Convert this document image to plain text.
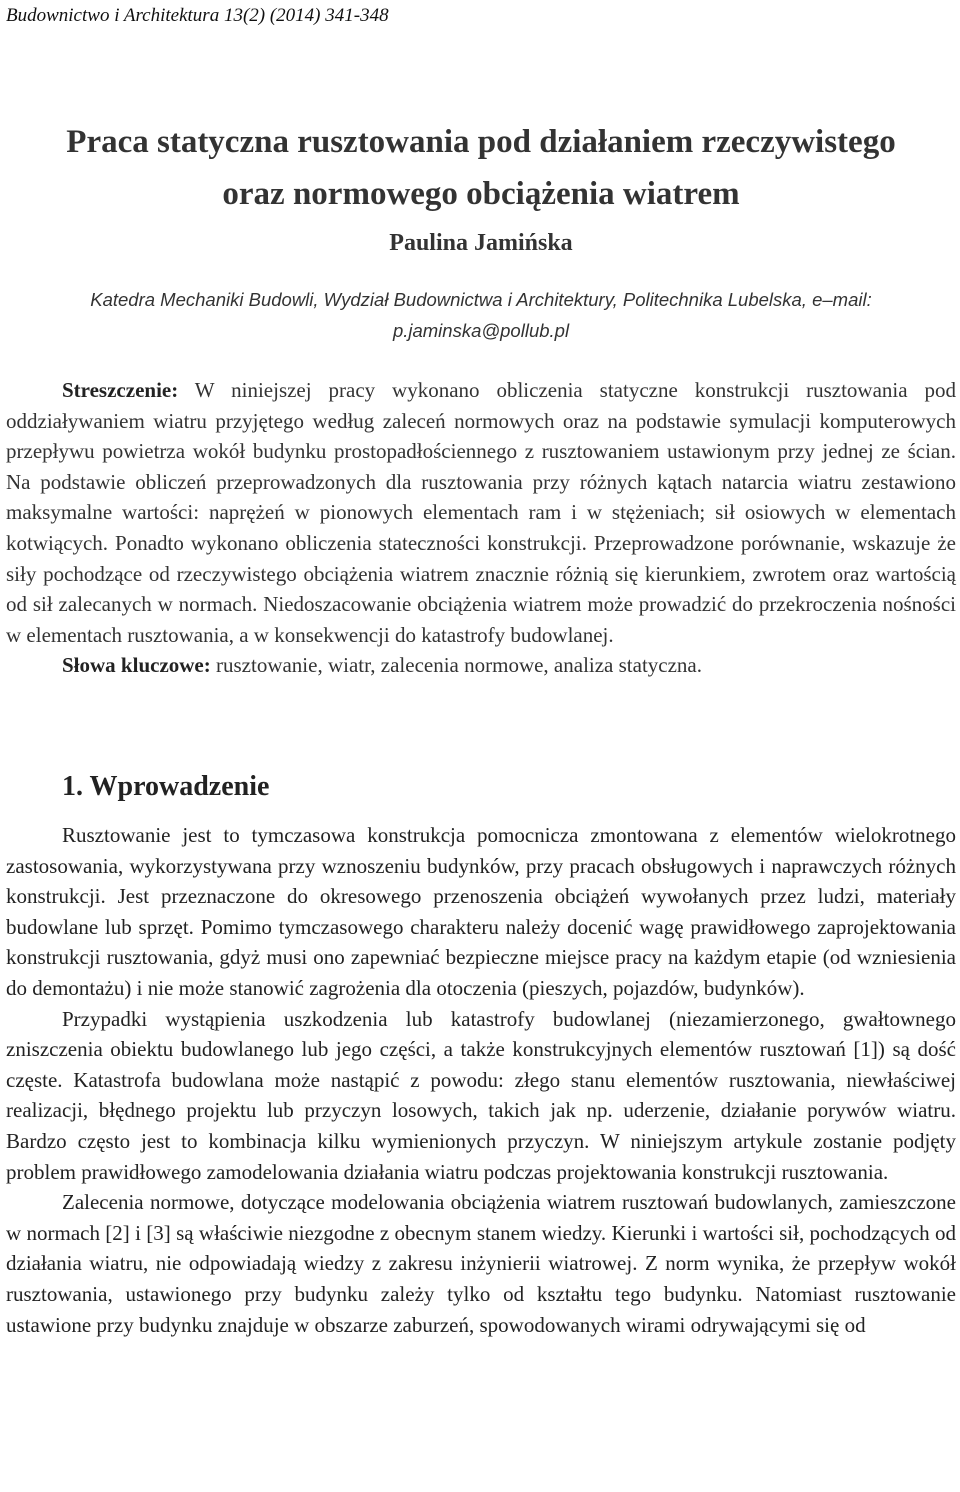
Budownictwo i Architektura 13(2) (2014) 341-348
Praca statyczna rusztowania pod działaniem rzeczywistego
oraz normowego obciążenia wiatrem
Paulina Jamińska
Katedra Mechaniki Budowli, Wydział Budownictwa i Architektury, Politechnika Lubelska, e–mail:
p.jaminska@pollub.pl

Streszczenie: W niniejszej pracy wykonano obliczenia statyczne konstrukcji rusztowania pod oddziaływaniem wiatru przyjętego według zaleceń normowych oraz na podstawie symulacji komputerowych przepływu powietrza wokół budynku prostopadłościennego z rusztowaniem ustawionym przy jednej ze ścian. Na podstawie obliczeń przeprowadzonych dla rusztowania przy różnych kątach natarcia wiatru zestawiono maksymalne wartości: naprężeń w pionowych elementach ram i w stężeniach; sił osiowych w elementach kotwiących. Ponadto wykonano obliczenia stateczności konstrukcji. Przeprowadzone porównanie, wskazuje że siły pochodzące od rzeczywistego obciążenia wiatrem znacznie różnią się kierunkiem, zwrotem oraz wartością od sił zalecanych w normach. Niedoszacowanie obciążenia wiatrem może prowadzić do przekroczenia nośności w elementach rusztowania, a w konsekwencji do katastrofy budowlanej.

Słowa kluczowe: rusztowanie, wiatr, zalecenia normowe, analiza statyczna.

1. Wprowadzenie

Rusztowanie jest to tymczasowa konstrukcja pomocnicza zmontowana z elementów wielokrotnego zastosowania, wykorzystywana przy wznoszeniu budynków, przy pracach obsługowych i naprawczych różnych konstrukcji. Jest przeznaczone do okresowego przenoszenia obciążeń wywołanych przez ludzi, materiały budowlane lub sprzęt. Pomimo tymczasowego charakteru należy docenić wagę prawidłowego zaprojektowania konstrukcji rusztowania, gdyż musi ono zapewniać bezpieczne miejsce pracy na każdym etapie (od wzniesienia do demontażu) i nie może stanowić zagrożenia dla otoczenia (pieszych, pojazdów, budynków).

Przypadki wystąpienia uszkodzenia lub katastrofy budowlanej (niezamierzonego, gwałtownego zniszczenia obiektu budowlanego lub jego części, a także konstrukcyjnych elementów rusztowań [1]) są dość częste. Katastrofa budowlana może nastąpić z powodu: złego stanu elementów rusztowania, niewłaściwej realizacji, błędnego projektu lub przyczyn losowych, takich jak np. uderzenie, działanie porywów wiatru. Bardzo często jest to kombinacja kilku wymienionych przyczyn. W niniejszym artykule zostanie podjęty problem prawidłowego zamodelowania działania wiatru podczas projektowania konstrukcji rusztowania.

Zalecenia normowe, dotyczące modelowania obciążenia wiatrem rusztowań budowlanych, zamieszczone w normach [2] i [3] są właściwie niezgodne z obecnym stanem wiedzy. Kierunki i wartości sił, pochodzących od działania wiatru, nie odpowiadają wiedzy z zakresu inżynierii wiatrowej. Z norm wynika, że przepływ wokół rusztowania, ustawionego przy budynku zależy tylko od kształtu tego budynku. Natomiast rusztowanie ustawione przy budynku znajduje w obszarze zaburzeń, spowodowanych wirami odrywającymi się od
